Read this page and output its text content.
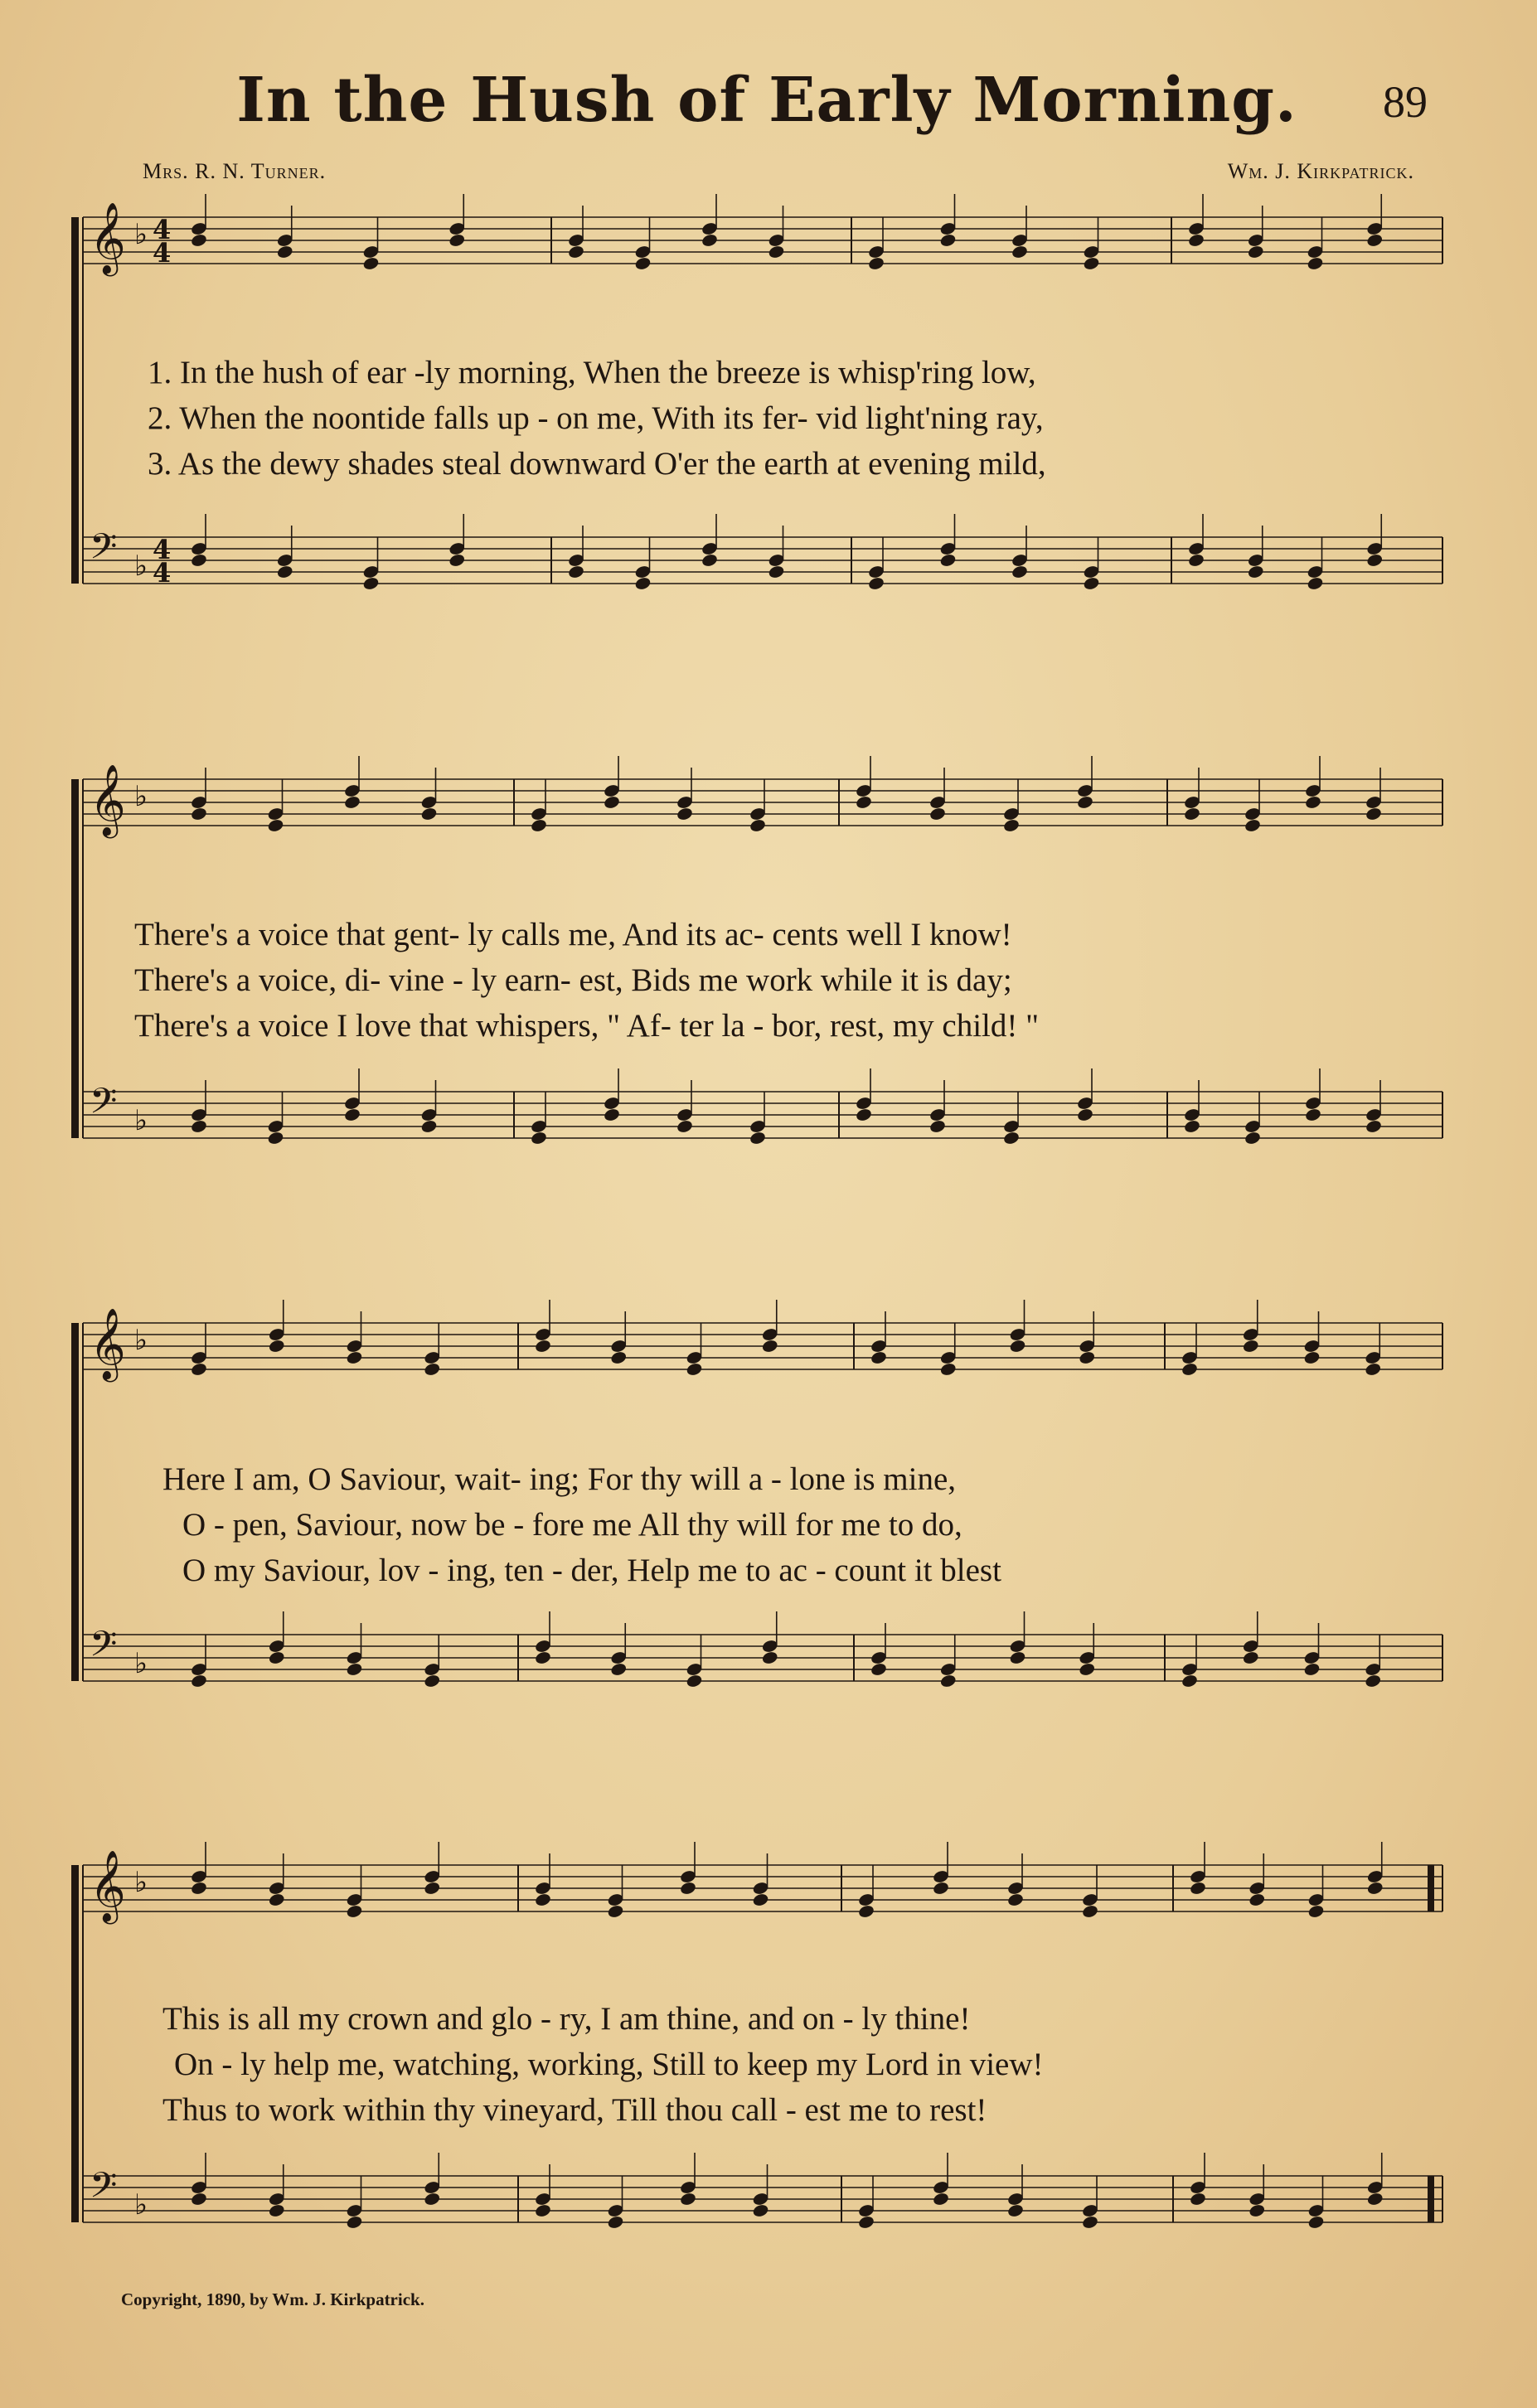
In the Hush of Early Morning.	89
Mrs. R. N. Turner.	Wm. J. Kirkpatrick.
𝄞 ♭
𝄢 ♭
4
4
4
4
𝄞 ♭
𝄢 ♭
𝄞 ♭
𝄢 ♭
𝄞 ♭
𝄢 ♭
1. In the hush of ear -ly morning, When the breeze is whisp'ring low,
2. When the noontide falls up - on me, With its fer- vid light'ning ray,
3. As the dewy shades steal downward O'er the earth at evening mild,
There's a voice that gent- ly calls me, And its ac- cents well I know!
There's a voice, di- vine - ly earn- est, Bids me work while it is day;
There's a voice I love that whispers, " Af- ter la - bor, rest, my child! "
Here I am, O Saviour, wait- ing; For thy will a - lone is mine,
O - pen, Saviour, now be - fore me All thy will for me to do,
O my Saviour, lov - ing, ten - der, Help me to ac - count it blest
This is all my crown and glo - ry, I am thine, and on - ly thine!
On - ly help me, watching, working, Still to keep my Lord in view!
Thus to work within thy vineyard, Till thou call - est me to rest!
Copyright, 1890, by Wm. J. Kirkpatrick.
